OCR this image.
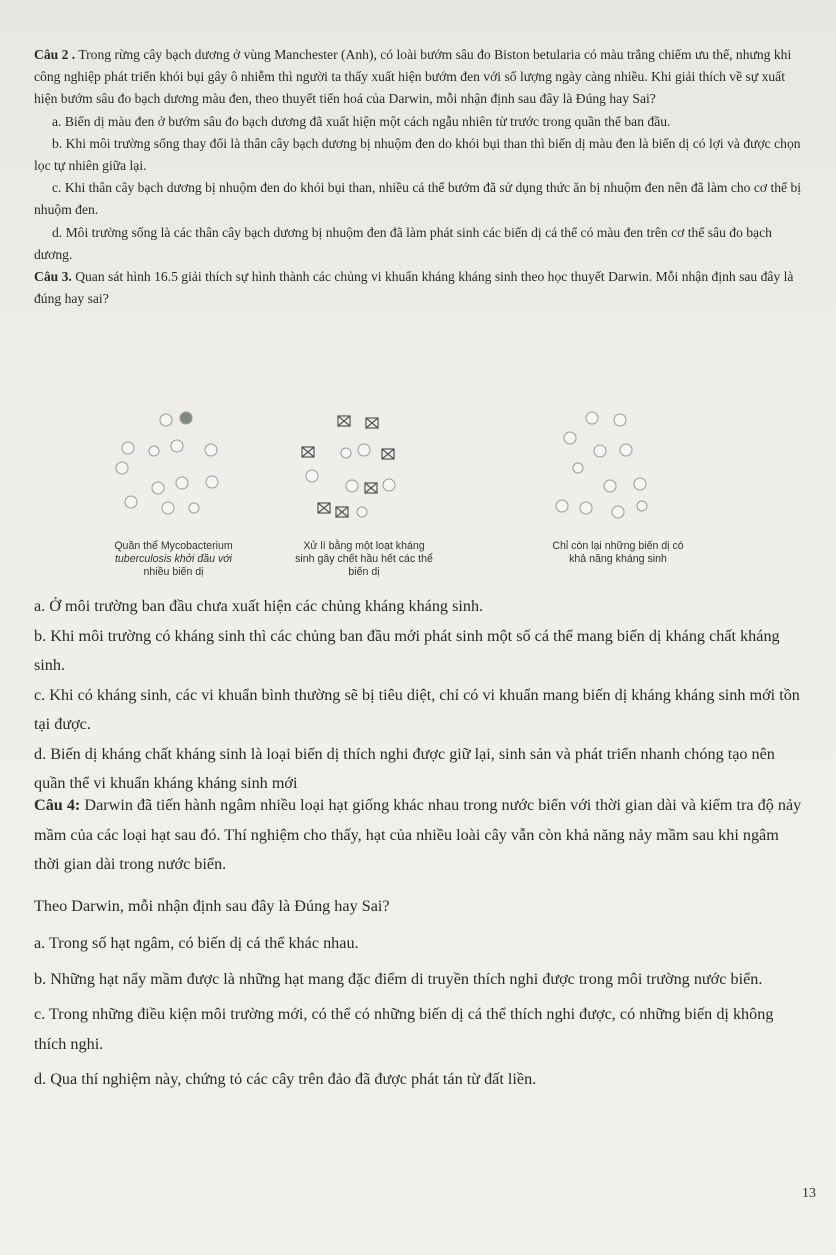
Câu 2 . Trong rừng cây bạch dương ở vùng Manchester (Anh), có loài bướm sâu đo Biston betularia có màu trắng chiếm ưu thế, nhưng khi công nghiệp phát triển khói bụi gây ô nhiễm thì người ta thấy xuất hiện bướm đen với số lượng ngày càng nhiều. Khi giải thích về sự xuất hiện bướm sâu đo bạch dương màu đen, theo thuyết tiến hoá của Darwin, mỗi nhận định sau đây là Đúng hay Sai?

a. Biến dị màu đen ở bướm sâu đo bạch dương đã xuất hiện một cách ngẫu nhiên từ trước trong quần thể ban đầu.

b. Khi môi trường sống thay đổi là thân cây bạch dương bị nhuộm đen do khói bụi than thì biến dị màu đen là biến dị có lợi và được chọn lọc tự nhiên giữa lại.

c. Khi thân cây bạch dương bị nhuộm đen do khói bụi than, nhiều cá thể bướm đã sử dụng thức ăn bị nhuộm đen nên đã làm cho cơ thể bị nhuộm đen.

d. Môi trường sống là các thân cây bạch dương bị nhuộm đen đã làm phát sinh các biến dị cá thể có màu đen trên cơ thể sâu đo bạch dương.

Câu 3. Quan sát hình 16.5 giải thích sự hình thành các chủng vi khuẩn kháng kháng sinh theo học thuyết Darwin. Mỗi nhận định sau đây là đúng hay sai?

Quần thể Mycobacterium
tuberculosis khởi đầu với
nhiều biến dị
Xử lí bằng một loạt kháng
sinh gây chết hầu hết các thể
biến dị
Chỉ còn lại những biến dị có
khả năng kháng sinh

a. Ở môi trường ban đầu chưa xuất hiện các chủng kháng kháng sinh.

b. Khi môi trường có kháng sinh thì các chủng ban đầu mới phát sinh một số cá thể mang biến dị kháng chất kháng sinh.

c. Khi có kháng sinh, các vi khuẩn bình thường sẽ bị tiêu diệt, chỉ có vi khuẩn mang biến dị kháng kháng sinh mới tồn tại được.

d. Biến dị kháng chất kháng sinh là loại biến dị thích nghi được giữ lại, sinh sản và phát triển nhanh chóng tạo nên quần thể vi khuẩn kháng kháng sinh mới

Câu 4: Darwin đã tiến hành ngâm nhiều loại hạt giống khác nhau trong nước biển với thời gian dài và kiểm tra độ nảy mầm của các loại hạt sau đó. Thí nghiệm cho thấy, hạt của nhiều loài cây vẫn còn khả năng nảy mầm sau khi ngâm thời gian dài trong nước biển.

Theo Darwin, mỗi nhận định sau đây là Đúng hay Sai?

a. Trong số hạt ngâm, có biến dị cá thể khác nhau.

b. Những hạt nẩy mầm được là những hạt mang đặc điểm di truyền thích nghi được trong môi trường nước biển.

c. Trong những điều kiện môi trường mới, có thể có những biến dị cá thể thích nghi được, có những biến dị không thích nghi.

d. Qua thí nghiệm này, chứng tỏ các cây trên đảo đã được phát tán từ đất liền.

13
